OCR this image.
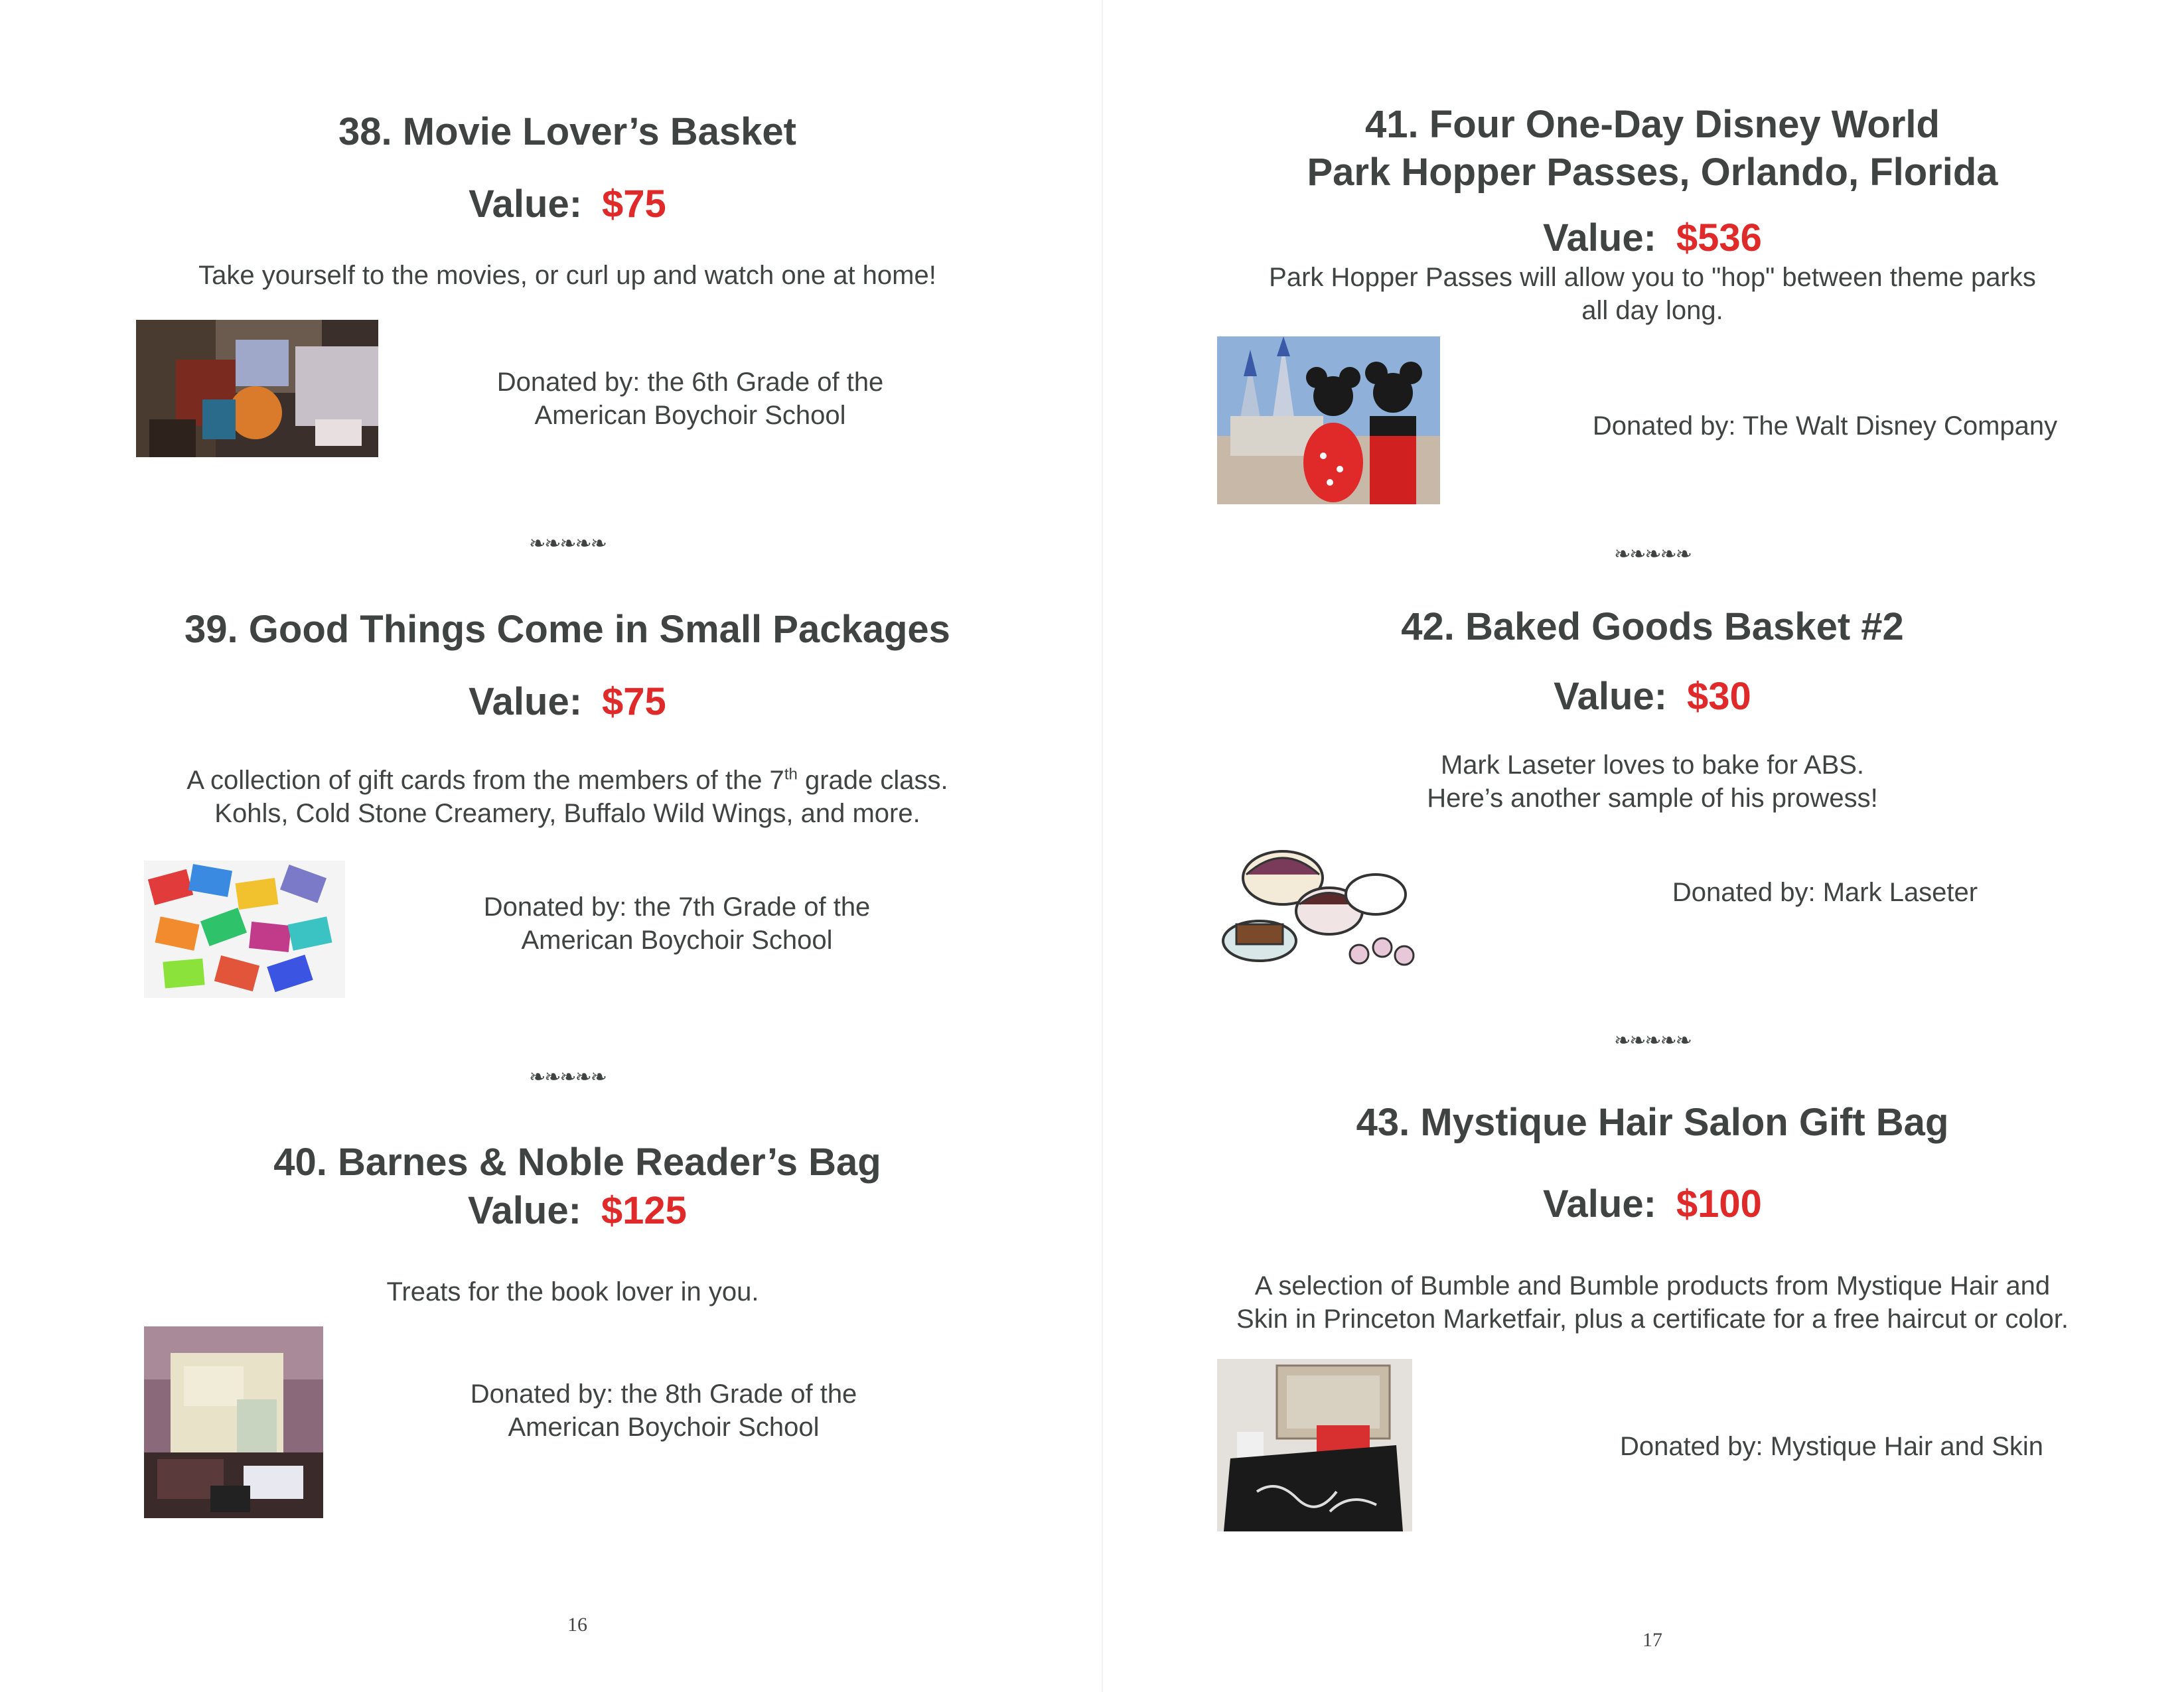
38. Movie Lover’s Basket
Value: $75
Take yourself to the movies, or curl up and watch one at home!
Donated by: the 6th Grade of the
American Boychoir School
❧❧❧❧❧
39. Good Things Come in Small Packages
Value: $75
A collection of gift cards from the members of the 7th grade class.
Kohls, Cold Stone Creamery, Buffalo Wild Wings, and more.
Donated by: the 7th Grade of the
American Boychoir School
❧❧❧❧❧
40. Barnes & Noble Reader’s Bag
Value: $125
Treats for the book lover in you.
Donated by: the 8th Grade of the
American Boychoir School
16
41. Four One-Day Disney World
Park Hopper Passes, Orlando, Florida
Value: $536
Park Hopper Passes will allow you to "hop" between theme parks
all day long.
Donated by: The Walt Disney Company
❧❧❧❧❧
42. Baked Goods Basket #2
Value: $30
Mark Laseter loves to bake for ABS.
Here’s another sample of his prowess!
Donated by: Mark Laseter
❧❧❧❧❧
43. Mystique Hair Salon Gift Bag
Value: $100
A selection of Bumble and Bumble products from Mystique Hair and
Skin in Princeton Marketfair, plus a certificate for a free haircut or color.
Donated by: Mystique Hair and Skin
17
